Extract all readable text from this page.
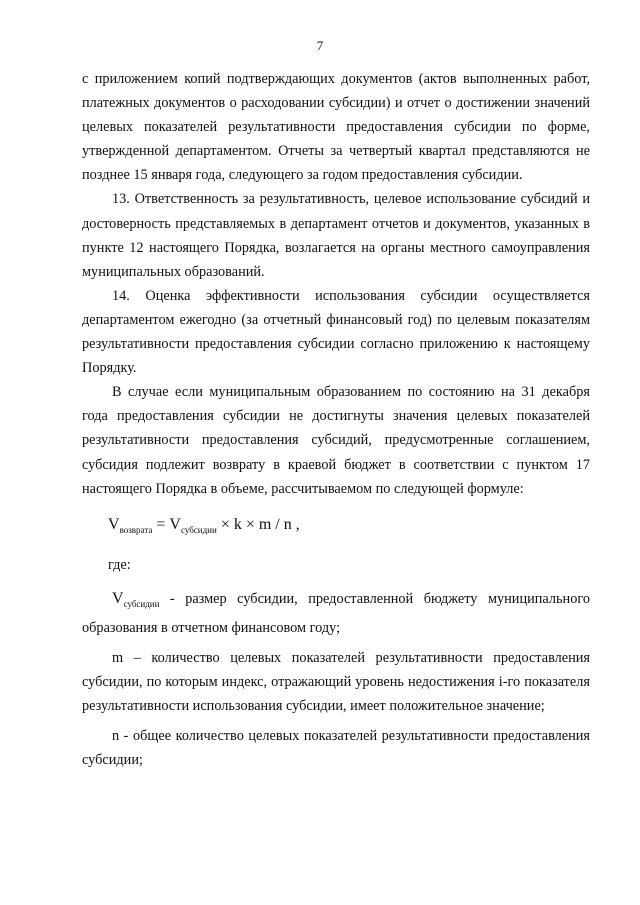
7

с приложением копий подтверждающих документов (актов выполненных работ, платежных документов о расходовании субсидии) и отчет о достижении значений целевых показателей результативности предоставления субсидии по форме, утвержденной департаментом. Отчеты за четвертый квартал представляются не позднее 15 января года, следующего за годом предоставления субсидии.

13. Ответственность за результативность, целевое использование субсидий и достоверность представляемых в департамент отчетов и документов, указанных в пункте 12 настоящего Порядка, возлагается на органы местного самоуправления муниципальных образований.

14. Оценка эффективности использования субсидии осуществляется департаментом ежегодно (за отчетный финансовый год) по целевым показателям результативности предоставления субсидии согласно приложению к настоящему Порядку.

В случае если муниципальным образованием по состоянию на 31 декабря года предоставления субсидии не достигнуты значения целевых показателей результативности предоставления субсидий, предусмотренные соглашением, субсидия подлежит возврату в краевой бюджет в соответствии с пунктом 17 настоящего Порядка в объеме, рассчитываемом по следующей формуле:

$V_{возврата} = V_{субсидии} \times k \times m / n$ ,
где:

$V_{субсидии}$ - размер субсидии, предоставленной бюджету муниципального образования в отчетном финансовом году;

m – количество целевых показателей результативности предоставления субсидии, по которым индекс, отражающий уровень недостижения i-го показателя результативности использования субсидии, имеет положительное значение;

n - общее количество целевых показателей результативности предоставления субсидии;
